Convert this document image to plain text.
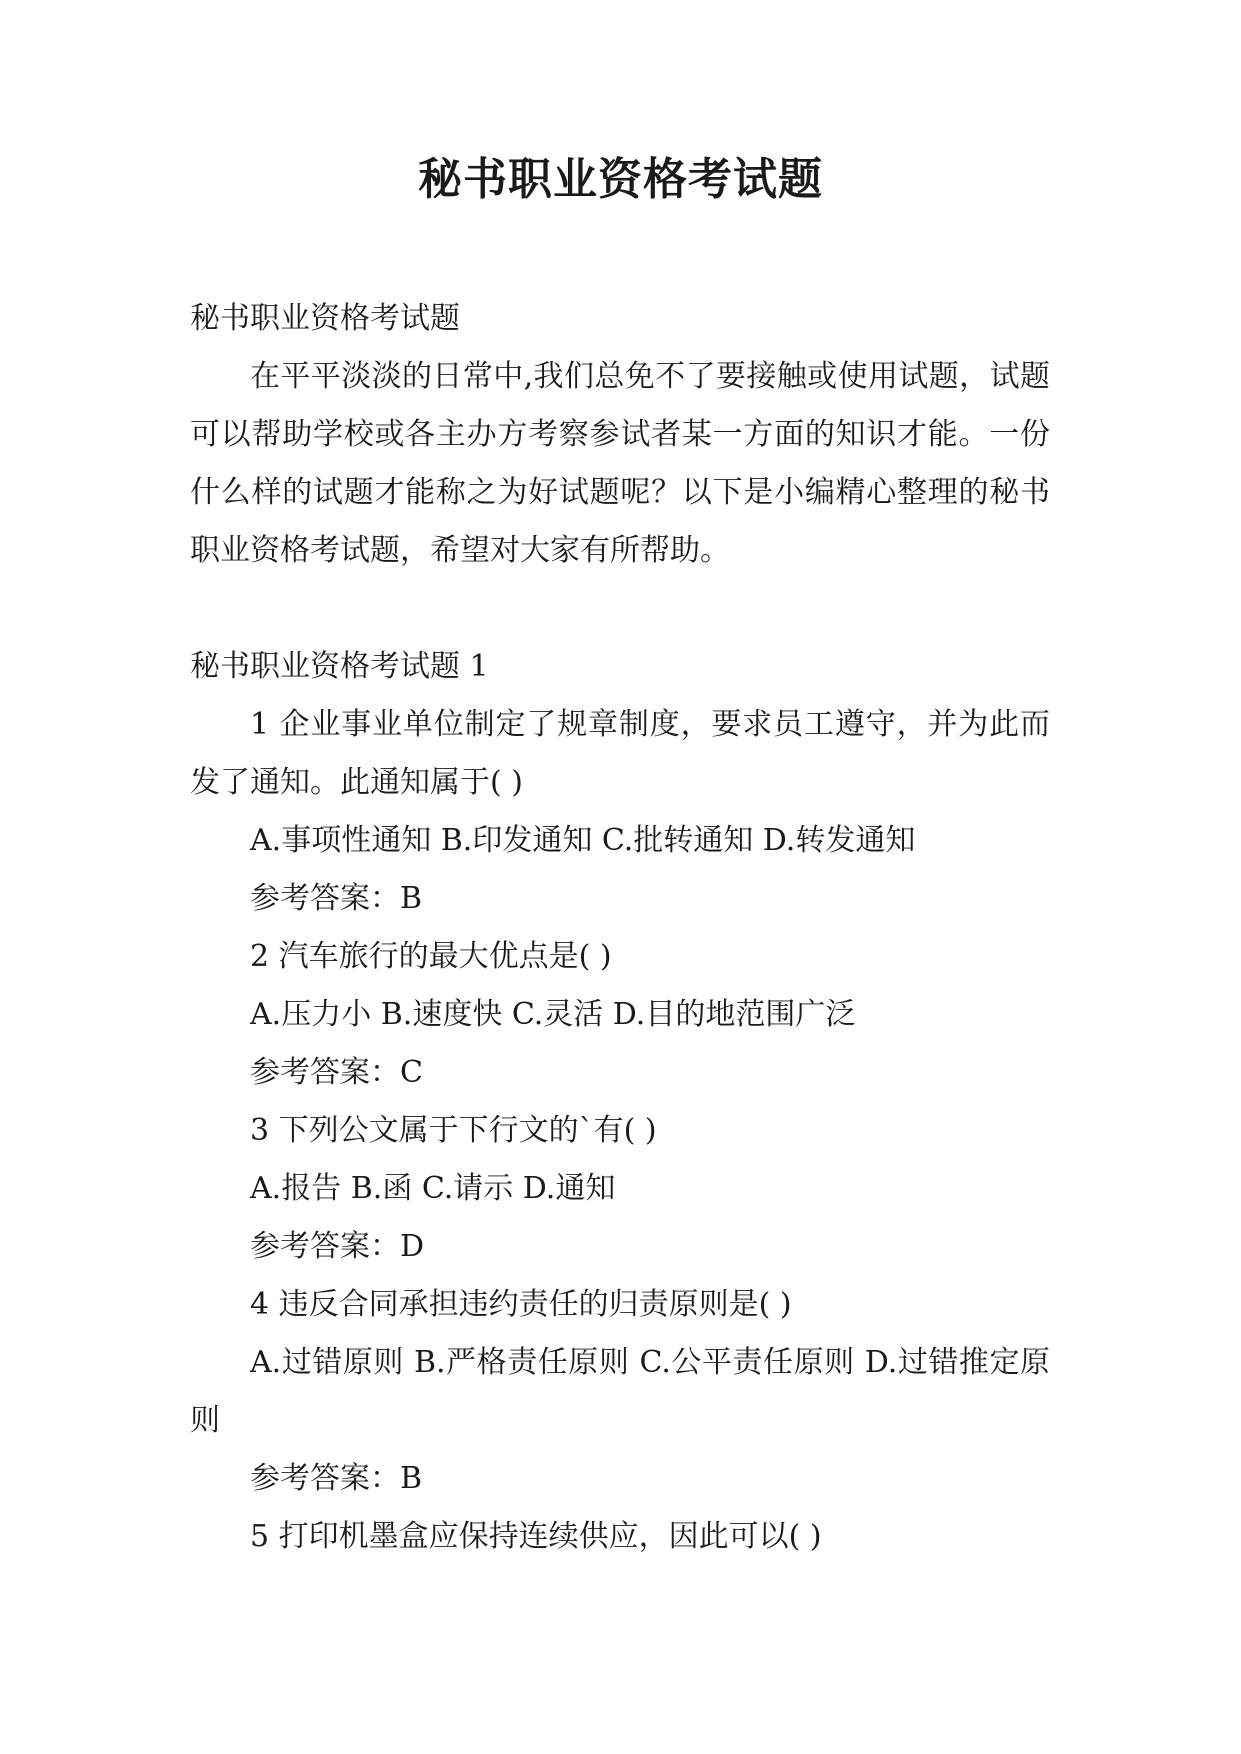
秘书职业资格考试题

秘书职业资格考试题

在平平淡淡的日常中,我们总免不了要接触或使用试题，试题可以帮助学校或各主办方考察参试者某一方面的知识才能。一份什么样的试题才能称之为好试题呢？以下是小编精心整理的秘书职业资格考试题，希望对大家有所帮助。

秘书职业资格考试题 1

1 企业事业单位制定了规章制度，要求员工遵守，并为此而发了通知。此通知属于( )

A.事项性通知 B.印发通知 C.批转通知 D.转发通知

参考答案：B

2 汽车旅行的最大优点是( )

A.压力小 B.速度快 C.灵活 D.目的地范围广泛

参考答案：C

3 下列公文属于下行文的`有( )

A.报告 B.函 C.请示 D.通知

参考答案：D

4 违反合同承担违约责任的归责原则是( )

A.过错原则 B.严格责任原则 C.公平责任原则 D.过错推定原则

参考答案：B

5 打印机墨盒应保持连续供应，因此可以( )
